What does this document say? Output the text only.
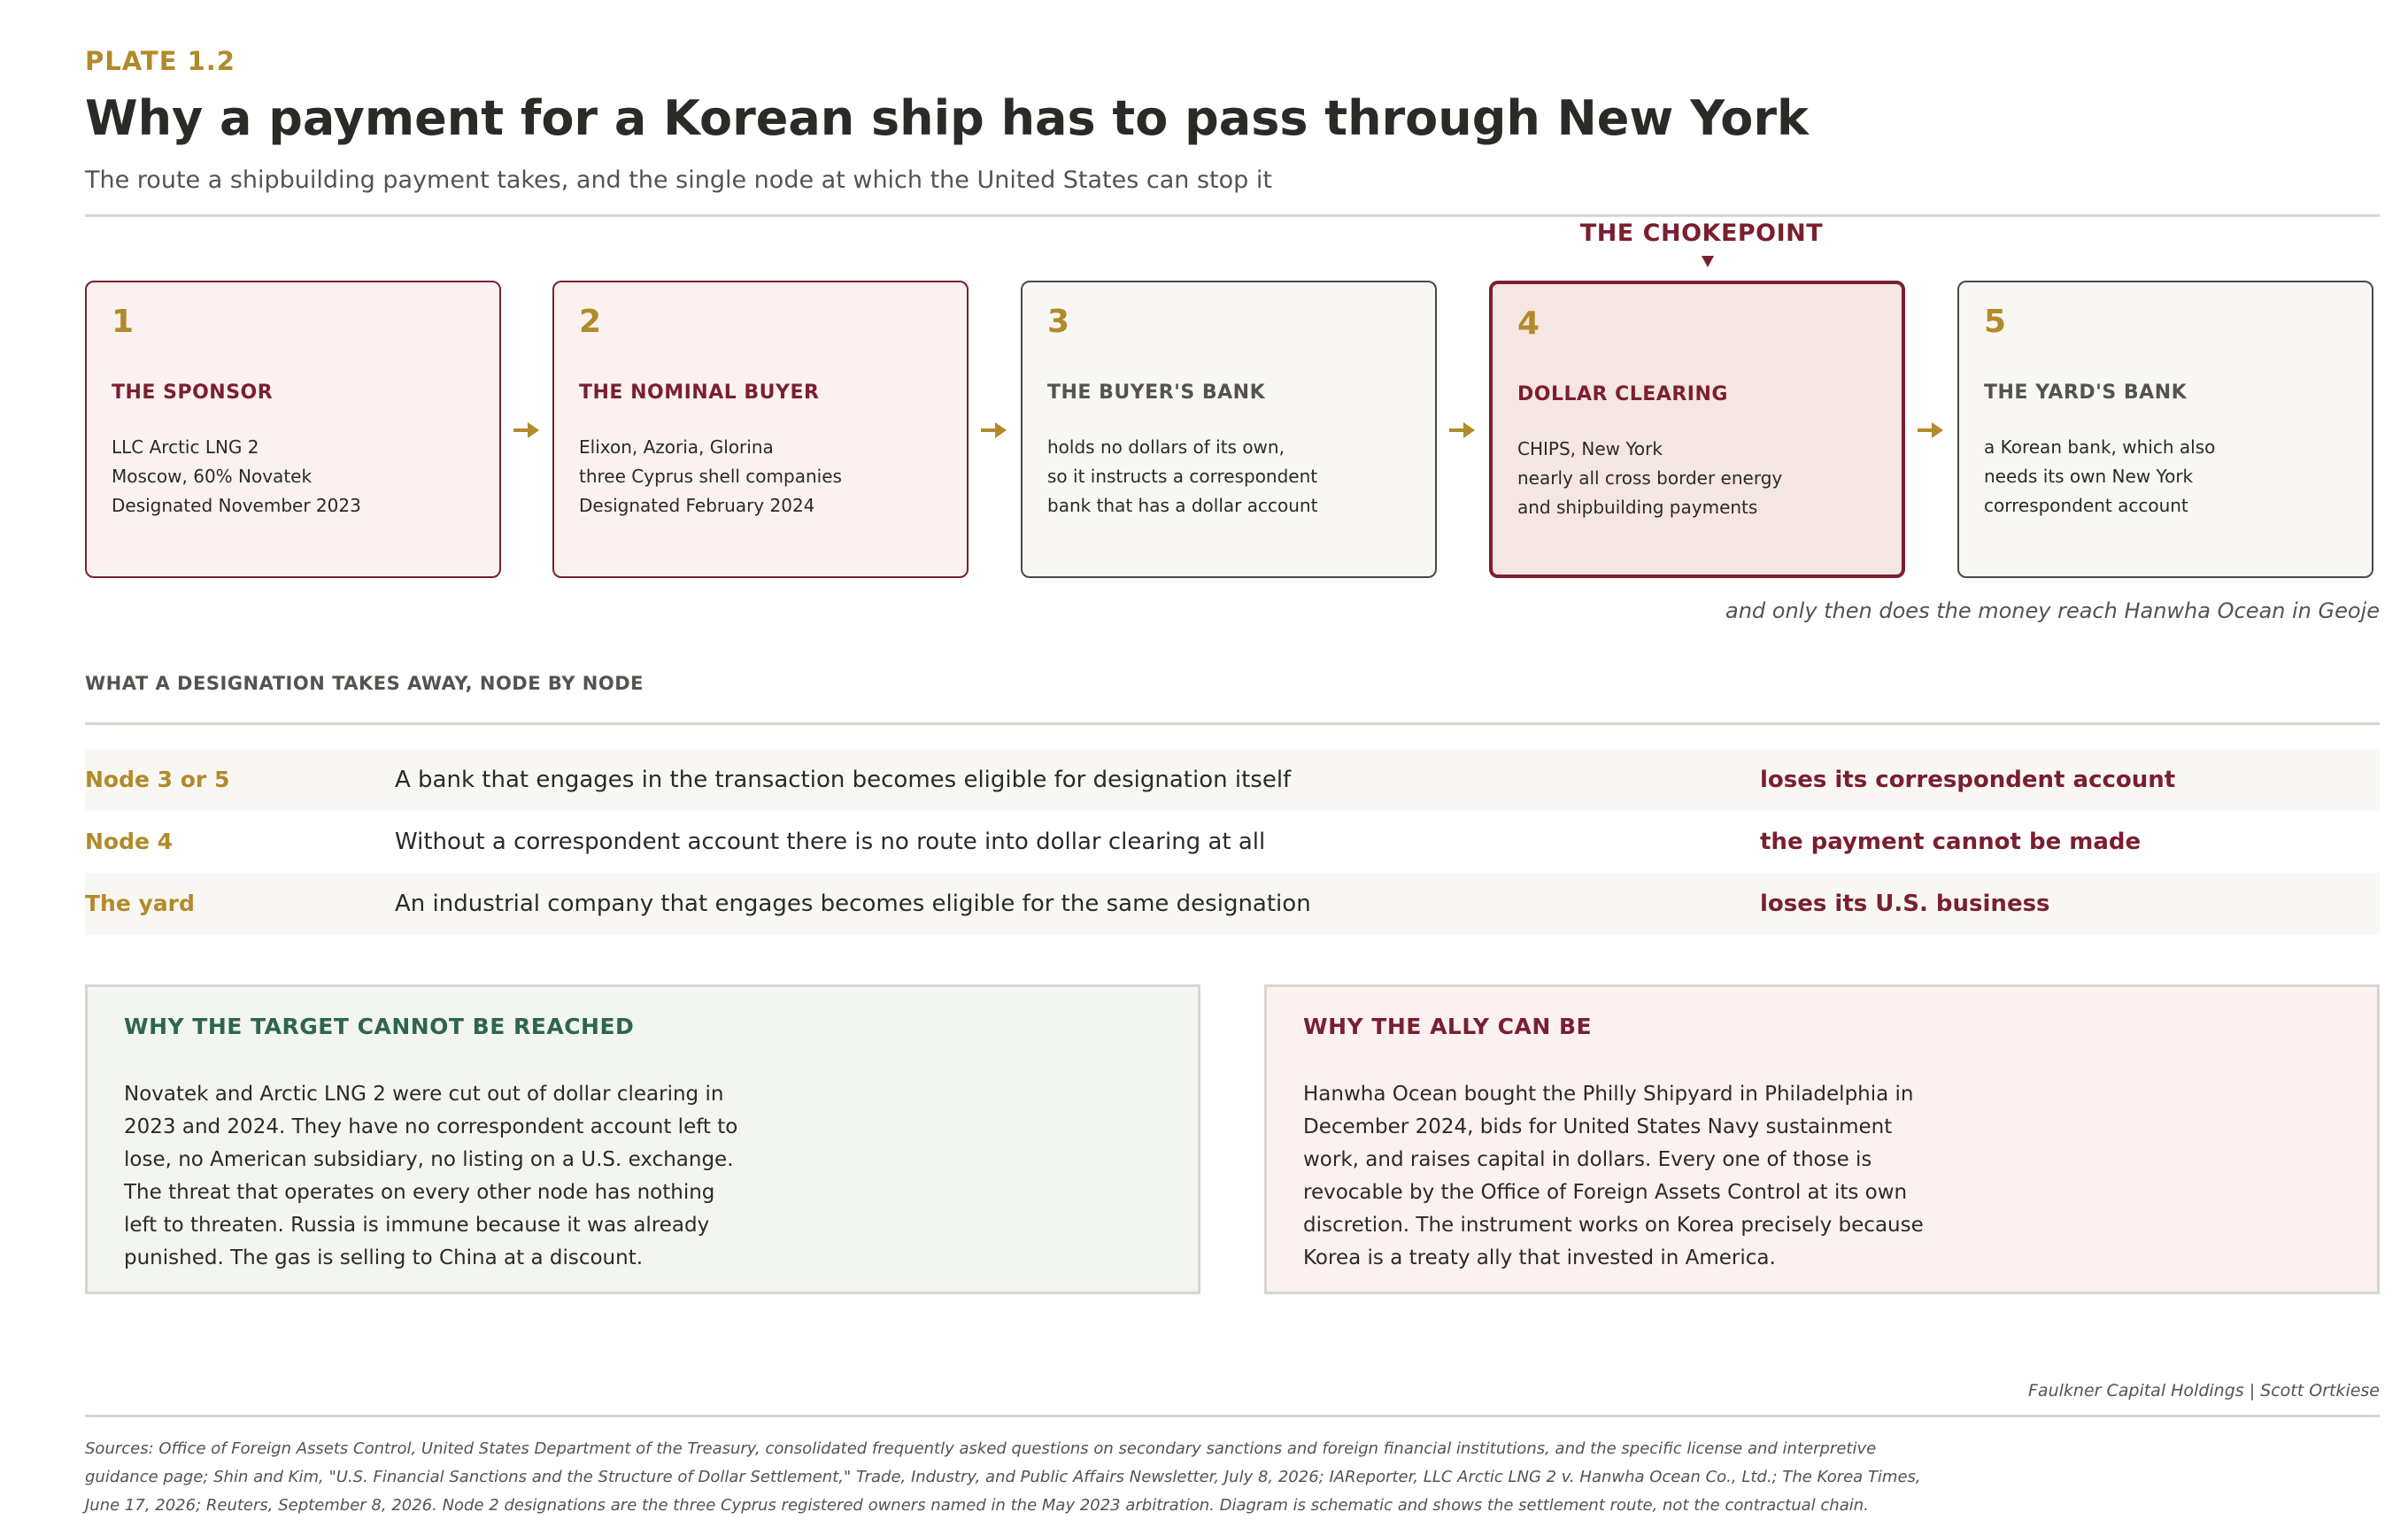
PLATE 1.2
Why a payment for a Korean ship has to pass through New York
The route a shipbuilding payment takes, and the single node at which the United States can stop it
THE CHOKEPOINT
1
THE SPONSOR
LLC Arctic LNG 2
Moscow, 60% Novatek
Designated November 2023
2
THE NOMINAL BUYER
Elixon, Azoria, Glorina
three Cyprus shell companies
Designated February 2024
3
THE BUYER'S BANK
holds no dollars of its own,
so it instructs a correspondent
bank that has a dollar account
4
DOLLAR CLEARING
CHIPS, New York
nearly all cross border energy
and shipbuilding payments
5
THE YARD'S BANK
a Korean bank, which also
needs its own New York
correspondent account
and only then does the money reach Hanwha Ocean in Geoje
WHAT A DESIGNATION TAKES AWAY, NODE BY NODE
Node 3 or 5	A bank that engages in the transaction becomes eligible for designation itself	loses its correspondent account
Node 4	Without a correspondent account there is no route into dollar clearing at all	the payment cannot be made
The yard	An industrial company that engages becomes eligible for the same designation	loses its U.S. business
WHY THE TARGET CANNOT BE REACHED
Novatek and Arctic LNG 2 were cut out of dollar clearing in
2023 and 2024. They have no correspondent account left to
lose, no American subsidiary, no listing on a U.S. exchange.
The threat that operates on every other node has nothing
left to threaten. Russia is immune because it was already
punished. The gas is selling to China at a discount.
WHY THE ALLY CAN BE
Hanwha Ocean bought the Philly Shipyard in Philadelphia in
December 2024, bids for United States Navy sustainment
work, and raises capital in dollars. Every one of those is
revocable by the Office of Foreign Assets Control at its own
discretion. The instrument works on Korea precisely because
Korea is a treaty ally that invested in America.
Faulkner Capital Holdings | Scott Ortkiese
Sources: Office of Foreign Assets Control, United States Department of the Treasury, consolidated frequently asked questions on secondary sanctions and foreign financial institutions, and the specific license and interpretive
guidance page; Shin and Kim, "U.S. Financial Sanctions and the Structure of Dollar Settlement," Trade, Industry, and Public Affairs Newsletter, July 8, 2026; IAReporter, LLC Arctic LNG 2 v. Hanwha Ocean Co., Ltd.; The Korea Times,
June 17, 2026; Reuters, September 8, 2026. Node 2 designations are the three Cyprus registered owners named in the May 2023 arbitration. Diagram is schematic and shows the settlement route, not the contractual chain.
